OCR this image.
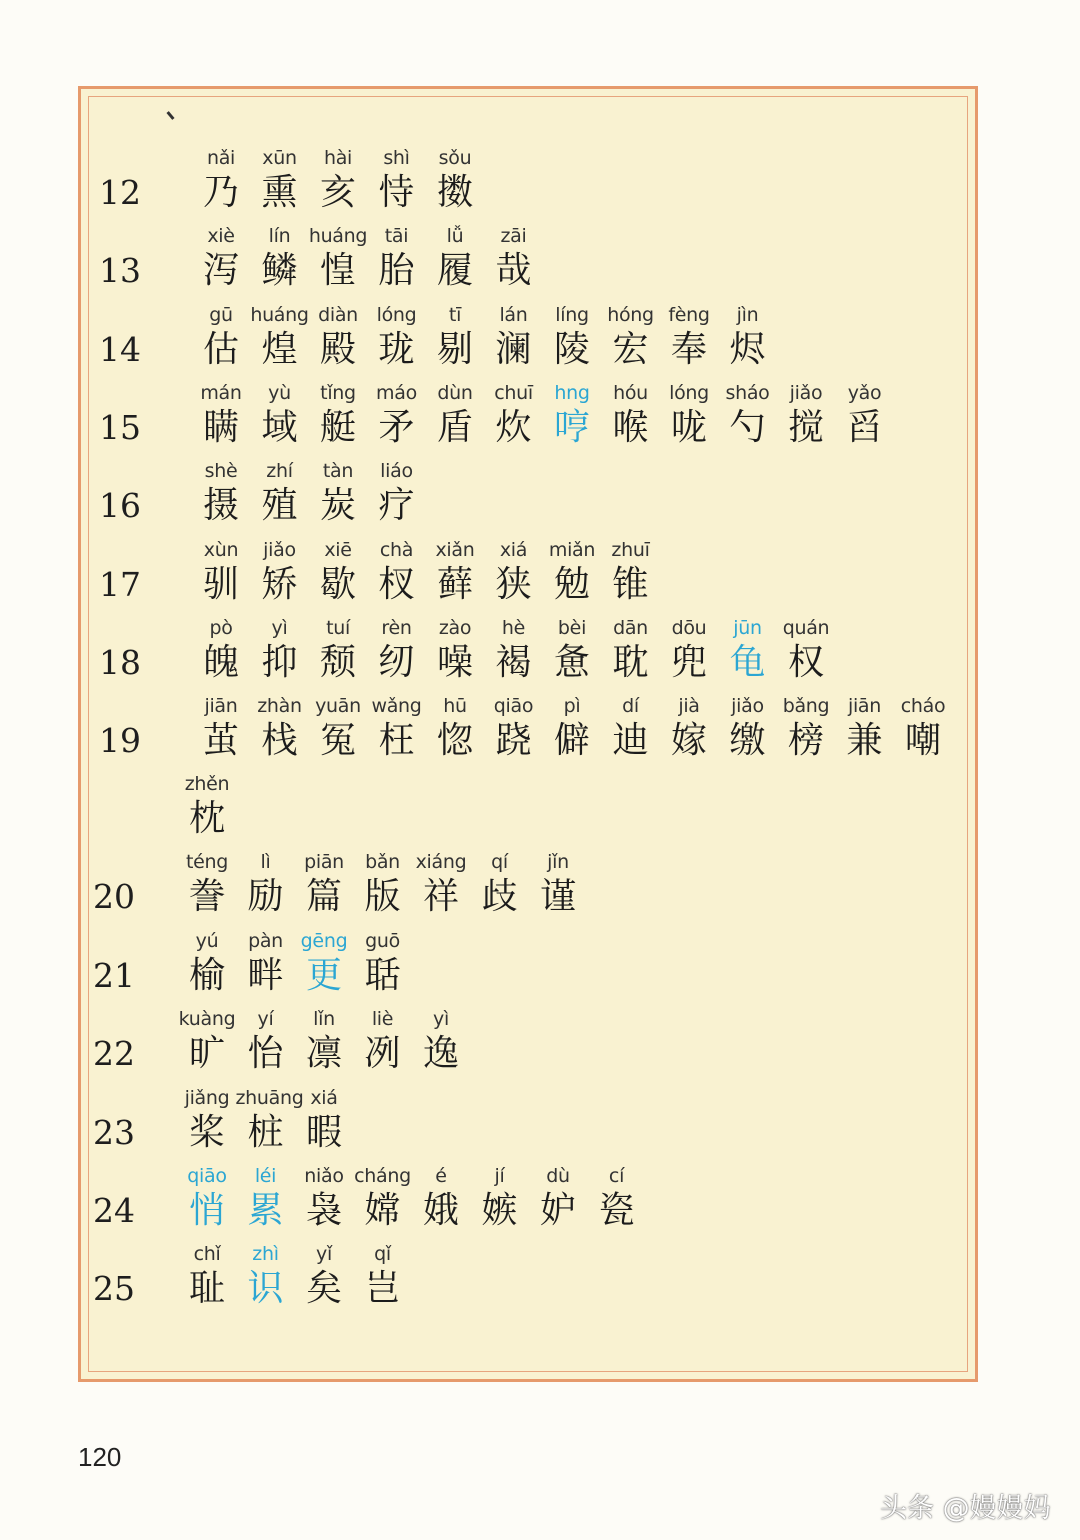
12
nǎi
乃
xūn
熏
hài
亥
shì
恃
sǒu
擞
13
xiè
泻
lín
鳞
huáng
惶
tāi
胎
lǚ
履
zāi
哉
14
gū
估
huáng
煌
diàn
殿
lóng
珑
tī
剔
lán
澜
líng
陵
hóng
宏
fèng
奉
jìn
烬
15
mán
瞒
yù
域
tǐng
艇
máo
矛
dùn
盾
chuī
炊
hng
哼
hóu
喉
lóng
咙
sháo
勺
jiǎo
搅
yǎo
舀
16
shè
摄
zhí
殖
tàn
炭
liáo
疗
17
xùn
驯
jiǎo
矫
xiē
歇
chà
杈
xiǎn
藓
xiá
狭
miǎn
勉
zhuī
锥
18
pò
魄
yì
抑
tuí
颓
rèn
纫
zào
噪
hè
褐
bèi
惫
dān
耽
dōu
兜
jūn
龟
quán
权
19
jiān
茧
zhàn
栈
yuān
冤
wǎng
枉
hū
惚
qiāo
跷
pì
僻
dí
迪
jià
嫁
jiǎo
缴
bǎng
榜
jiān
兼
cháo
嘲
zhěn
枕
20
téng
誊
lì
励
piān
篇
bǎn
版
xiáng
祥
qí
歧
jǐn
谨
21
yú
榆
pàn
畔
gēng
更
guō
聒
22
kuàng
旷
yí
怡
lǐn
凛
liè
冽
yì
逸
23
jiǎng
桨
zhuāng
桩
xiá
暇
24
qiāo
悄
léi
累
niǎo
袅
cháng
嫦
é
娥
jí
嫉
dù
妒
cí
瓷
25
chǐ
耻
zhì
识
yǐ
矣
qǐ
岂
120
头条 @嫚嫚妈
